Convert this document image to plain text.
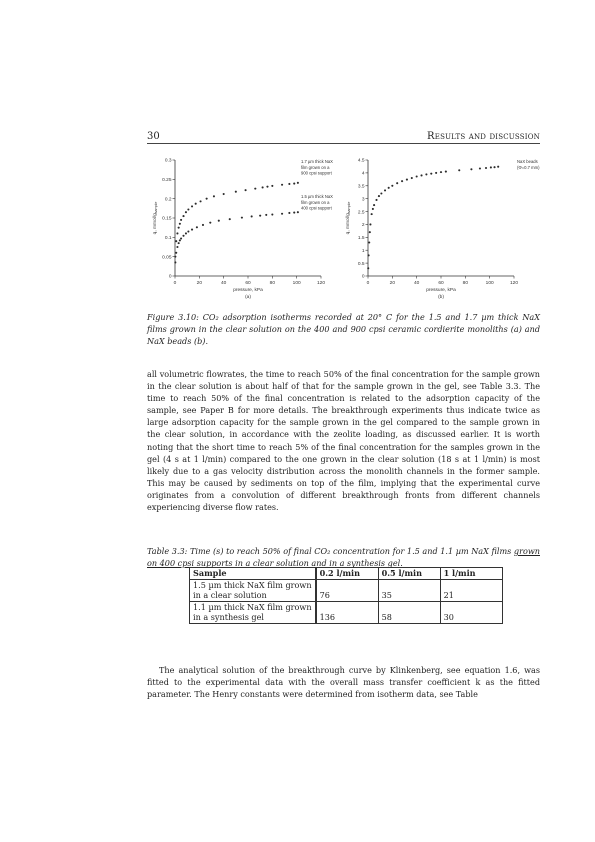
30	Results and discussion
0	20	40	60	80	100	120
0
0.05
0.1
0.15
0.2
0.25
0.3
pressure, kPa
(a)
q, mmol/$g_{sample}$
1.7 µm thick NaX
film grown on a
900 cpsi support
1.5 µm thick NaX
film grown on a
400 cpsi support
0	20	40	60	80	100	120
0
0.5
1
1.5
2
2.5
3
3.5
4
4.5
pressure, kPa
(b)
q, mmol/$g_{sample}$
NaX beads
(Φ=0.7 mm)
Figure 3.10: CO₂ adsorption isotherms recorded at 20° C for the 1.5 and 1.7 µm thick NaX films grown in the clear solution on the 400 and 900 cpsi ceramic cordierite monoliths (a) and NaX beads (b).
all volumetric flowrates, the time to reach 50% of the final concentration for the sample grown in the clear solution is about half of that for the sample grown in the gel, see Table 3.3. The time to reach 50% of the final concentration is related to the adsorption capacity of the sample, see Paper B for more details. The breakthrough experiments thus indicate twice as large adsorption capacity for the sample grown in the gel compared to the sample grown in the clear solution, in accordance with the zeolite loading, as discussed earlier. It is worth noting that the short time to reach 5% of the final concentration for the samples grown in the gel (4 s at 1 l/min) compared to the one grown in the clear solution (18 s at 1 l/min) is most likely due to a gas velocity distribution across the monolith channels in the former sample. This may be caused by sediments on top of the film, implying that the experimental curve originates from a convolution of different breakthrough fronts from different channels experiencing diverse flow rates.
Table 3.3: Time (s) to reach 50% of final CO₂ concentration for 1.5 and 1.1 µm NaX films grown on 400 cpsi supports in a clear solution and in a synthesis gel.
Sample	0.2 l/min	0.5 l/min	1 l/min
1.5 µm thick NaX film grown
in a clear solution	76	35	21
1.1 µm thick NaX film grown
in a synthesis gel	136	58	30
The analytical solution of the breakthrough curve by Klinkenberg, see equation 1.6, was fitted to the experimental data with the overall mass transfer coefficient k as the fitted parameter. The Henry constants were determined from isotherm data, see Table
